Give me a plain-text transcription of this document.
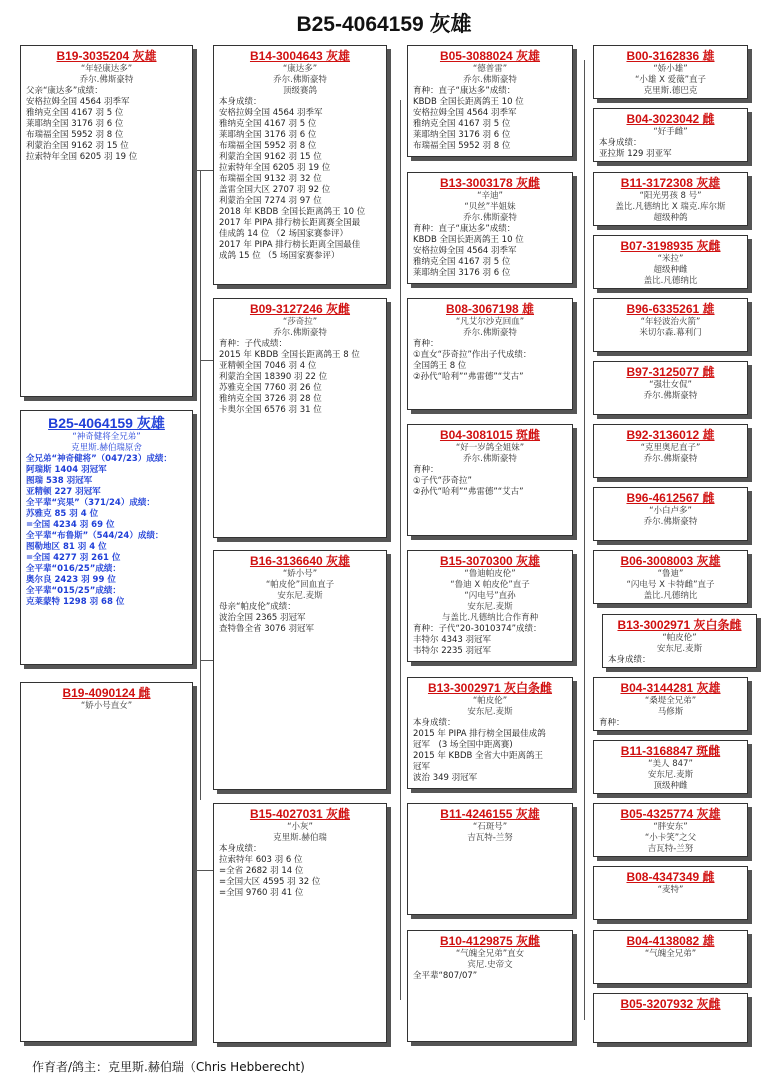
B25-4064159 灰雄
B19-3035204 灰雄
“年轻康达多”
乔尔.佛斯豪特
父亲“康达多”成绩：
安格拉姆全国 4564 羽季军
雅纳克全国 4167 羽 5 位
莱耶纳全国 3176 羽 6 位
布瑞福全国 5952 羽 8 位
利蒙治全国 9162 羽 15 位
拉索特年全国 6205 羽 19 位
B25-4064159 灰雄
“神奇健将全兄弟”
克里斯.赫伯瑞原舍
全兄弟“神奇健将”（047/23）成绩：
阿瑞斯 1404 羽冠军
图瑞 538 羽冠军
亚精顿 227 羽冠军
全平辈“宾果”（371/24）成绩：
苏雅克 85 羽 4 位
=全国 4234 羽 69 位
全平辈“布鲁斯”（544/24）成绩：
图勒地区 81 羽 4 位
=全国 4277 羽 261 位
全平辈“016/25”成绩：
奥尔良 2423 羽 99 位
全平辈“015/25”成绩：
克莱蒙特 1298 羽 68 位
B19-4090124 雌
“娇小号直女”
B14-3004643 灰雄
“康达多”
乔尔.佛斯豪特
顶级赛鸽
本身成绩：
安格拉姆全国 4564 羽季军
雅纳克全国 4167 羽 5 位
莱耶纳全国 3176 羽 6 位
布瑞福全国 5952 羽 8 位
利蒙治全国 9162 羽 15 位
拉索特年全国 6205 羽 19 位
布瑞福全国 9132 羽 32 位
盖雷全国大区 2707 羽 92 位
利蒙治全国 7274 羽 97 位
2018 年 KBDB 全国长距离鸽王 10 位
2017 年 PIPA 排行榜长距离赛全国最
佳成鸽 14 位 （2 场国家赛参评）
2017 年 PIPA 排行榜长距离全国最佳
成鸽 15 位 （5 场国家赛参评）
B09-3127246 灰雌
“莎奇拉”
乔尔.佛斯豪特
育种：子代成绩：
2015 年 KBDB 全国长距离鸽王 8 位
亚精顿全国 7046 羽 4 位
利蒙治全国 18390 羽 22 位
苏雅克全国 7760 羽 26 位
雅纳克全国 3726 羽 28 位
卡奥尔全国 6576 羽 31 位
B16-3136640 灰雄
“娇小号”
“帕皮伦”回血直子
安东尼.麦斯
母亲“帕皮伦”成绩：
波治全国 2365 羽冠军
查特鲁全省 3076 羽冠军
B15-4027031 灰雌
“小灰”
克里斯.赫伯瑞
本身成绩：
拉索特年 603 羽 6 位
=全省 2682 羽 14 位
=全国大区 4595 羽 32 位
=全国 9760 羽 41 位
B05-3088024 灰雄
“德普雷”
乔尔.佛斯豪特
育种：直子“康达多”成绩：
KBDB 全国长距离鸽王 10 位
安格拉姆全国 4564 羽季军
雅纳克全国 4167 羽 5 位
莱耶纳全国 3176 羽 6 位
布瑞福全国 5952 羽 8 位
B13-3003178 灰雌
“辛迪”
“贝丝”半姐妹
乔尔.佛斯豪特
育种：直子“康达多”成绩：
KBDB 全国长距离鸽王 10 位
安格拉姆全国 4564 羽季军
雅纳克全国 4167 羽 5 位
莱耶纳全国 3176 羽 6 位
B08-3067198 雄
“凡艾尔沙克回血”
乔尔.佛斯豪特
育种：
①直女“莎奇拉”作出子代成绩：
全国鸽王 8 位
②孙代“哈利”“弗雷德”“艾古”
B04-3081015 斑雌
“好一岁鸽全姐妹”
乔尔.佛斯豪特
育种：
①子代“莎奇拉”
②孙代“哈利”“弗雷德”“艾古”
B15-3070300 灰雄
“鲁迪帕皮伦”
“鲁迪 X 帕皮伦”直子
“闪电号”直孙
安东尼.麦斯
与盖比.凡德纳比合作育种
育种：子代“20-3010374”成绩：
丰特尔 4343 羽冠军
韦特尔 2235 羽冠军
B13-3002971 灰白条雌
“帕皮伦”
安东尼.麦斯
本身成绩：
2015 年 PIPA 排行榜全国最佳成鸽
冠军　(3 场全国中距离赛)
2015 年 KBDB 全省大中距离鸽王
冠军
波治 349 羽冠军
B11-4246155 灰雄
“石斑号”
吉瓦特-兰努
B10-4129875 灰雌
“气魄全兄弟”直女
宾尼.史帝文
全平辈“807/07”
B00-3162836 雄
“娇小雄”
“小雄 X 爱薇”直子
克里斯.德巴克
B04-3023042 雌
“好手雌”
本身成绩：
亚拉斯 129 羽亚军
B11-3172308 灰雄
“阳光男孩 8 号”
盖比.凡德纳比 X 瑞克.库尔斯
超级种鸽
B07-3198935 灰雌
“米拉”
超级种雌
盖比.凡德纳比
B96-6335261 雄
“年轻波治火箭”
米切尔森.幕利门
B97-3125077 雌
“强壮女侃”
乔尔.佛斯豪特
B92-3136012 雄
“克里奥尼直子”
乔尔.佛斯豪特
B96-4612567 雌
“小白卢多”
乔尔.佛斯豪特
B06-3008003 灰雄
“鲁迪”
“闪电号 X 卡特雌”直子
盖比.凡德纳比
B13-3002971 灰白条雌
“帕皮伦”
安东尼.麦斯
本身成绩：
B04-3144281 灰雄
“桑堤全兄弟”
马修斯
育种：
B11-3168847 斑雌
“美人 847”
安东尼.麦斯
顶级种雌
B05-4325774 灰雄
“胖安东”
“小卡笑”之父
吉瓦特-兰努
B08-4347349 雌
“麦特”
B04-4138082 雄
“气魄全兄弟”
B05-3207932 灰雌
作育者/鸽主：克里斯.赫伯瑞（Chris Hebberecht)
